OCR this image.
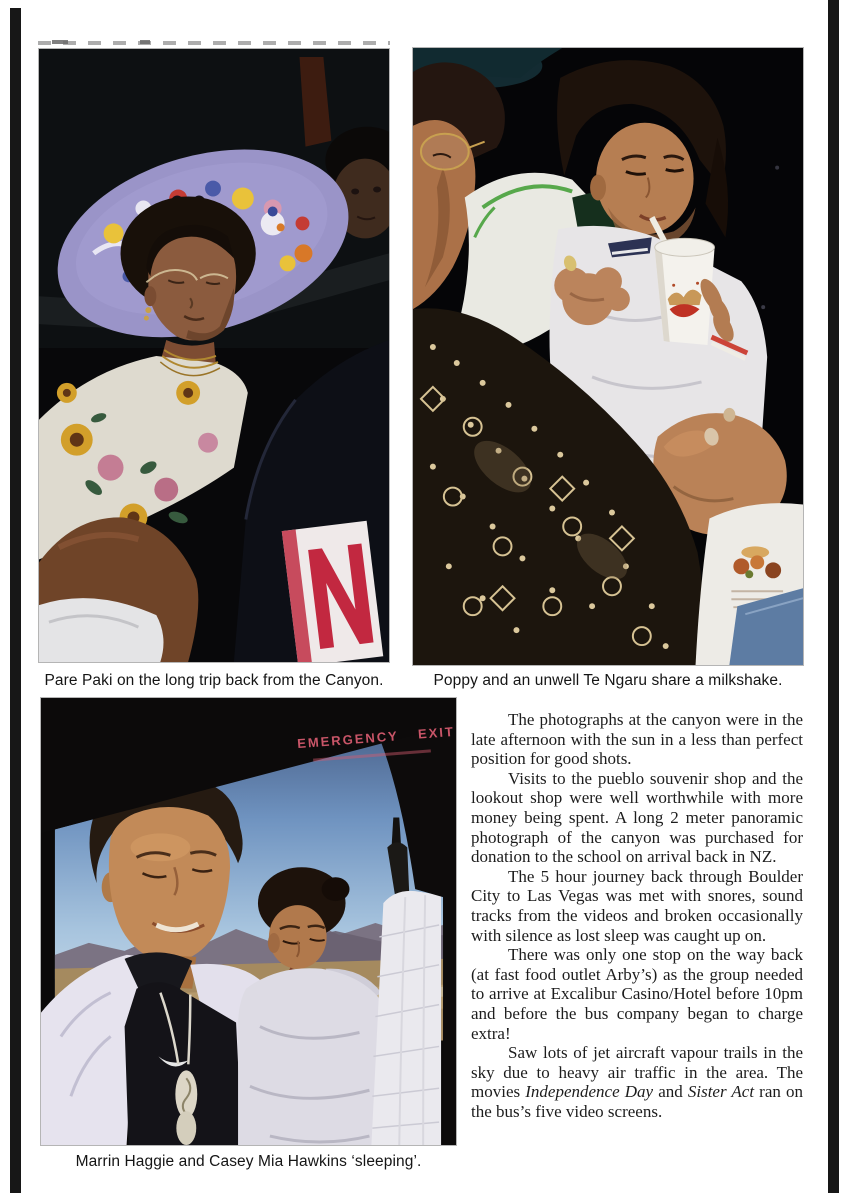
EMERGENCY EXIT
Pare Paki on the long trip back from the Canyon.	Poppy and an unwell Te Ngaru share a milkshake.
Marrin Haggie and Casey Mia Hawkins ‘sleeping’.

The photographs at the canyon were in the late afternoon with the sun in a less than perfect position for good shots.

Visits to the pueblo souvenir shop and the lookout shop were well worthwhile with more money being spent. A long 2 meter panoramic photograph of the canyon was purchased for donation to the school on arrival back in NZ.

The 5 hour journey back through Boulder City to Las Vegas was met with snores, sound tracks from the videos and broken occasionally with silence as lost sleep was caught up on.

There was only one stop on the way back (at fast food outlet Arby’s) as the group needed to arrive at Excalibur Casino/Hotel before 10pm and before the bus company began to charge extra!

Saw lots of jet aircraft vapour trails in the sky due to heavy air traffic in the area. The movies Independence Day and Sister Act ran on the bus’s five video screens.
